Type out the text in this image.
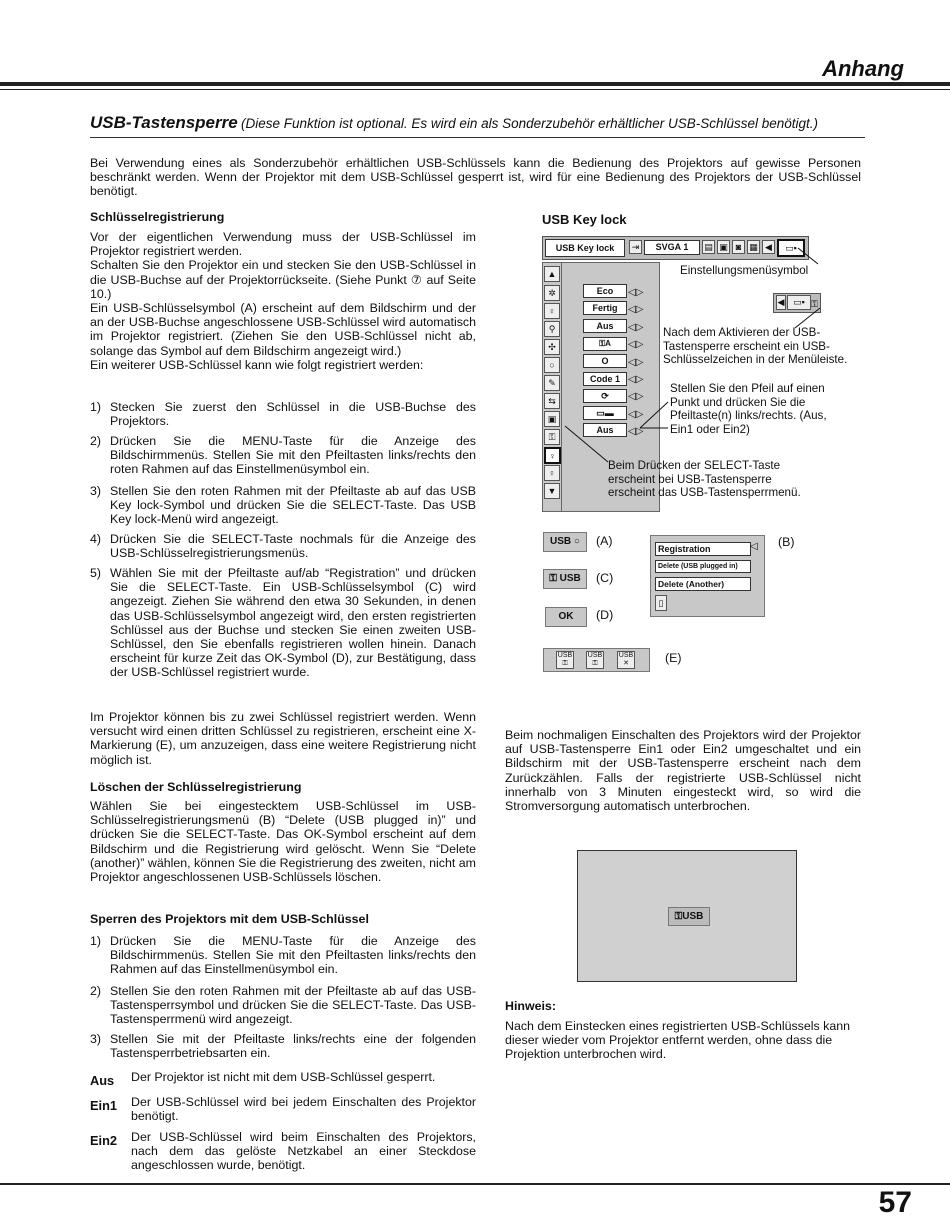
Anhang
USB-Tastensperre (Diese Funktion ist optional. Es wird ein als Sonderzubehör erhältlicher USB-Schlüssel benötigt.)
Bei Verwendung eines als Sonderzubehör erhältlichen USB-Schlüssels kann die Bedienung des Projektors auf gewisse Personen beschränkt werden. Wenn der Projektor mit dem USB-Schlüssel gesperrt ist, wird für eine Bedienung des Projektors der USB-Schlüssel benötigt.
Schlüsselregistrierung
Vor der eigentlichen Verwendung muss der USB-Schlüssel im Projektor registriert werden.
Schalten Sie den Projektor ein und stecken Sie den USB-Schlüssel in die USB-Buchse auf der Projektorrückseite. (Siehe Punkt ⑦ auf Seite 10.)
Ein USB-Schlüsselsymbol (A) erscheint auf dem Bildschirm und der an der USB-Buchse angeschlossene USB-Schlüssel wird automatisch im Projektor registriert. (Ziehen Sie den USB-Schlüssel nicht ab, solange das Symbol auf dem Bildschirm angezeigt wird.)
Ein weiterer USB-Schlüssel kann wie folgt registriert werden:
1) Stecken Sie zuerst den Schlüssel in die USB-Buchse des Projektors.
2) Drücken Sie die MENU-Taste für die Anzeige des Bildschirmmenüs. Stellen Sie mit den Pfeiltasten links/rechts den roten Rahmen auf das Einstellmenüsymbol ein.
3) Stellen Sie den roten Rahmen mit der Pfeiltaste ab auf das USB Key lock-Symbol und drücken Sie die SELECT-Taste. Das USB Key lock-Menü wird angezeigt.
4) Drücken Sie die SELECT-Taste nochmals für die Anzeige des USB-Schlüsselregistrierungsmenüs.
5) Wählen Sie mit der Pfeiltaste auf/ab “Registration” und drücken Sie die SELECT-Taste. Ein USB-Schlüsselsymbol (C) wird angezeigt. Ziehen Sie während den etwa 30 Sekunden, in denen das USB-Schlüsselsymbol angezeigt wird, den ersten registrierten Schlüssel aus der Buchse und stecken Sie einen zweiten USB-Schlüssel, den Sie ebenfalls registrieren wollen hinein. Danach erscheint für kurze Zeit das OK-Symbol (D), zur Bestätigung, dass der USB-Schlüssel registriert wurde.
Im Projektor können bis zu zwei Schlüssel registriert werden. Wenn versucht wird einen dritten Schlüssel zu registrieren, erscheint eine X-Markierung (E), um anzuzeigen, dass eine weitere Registrierung nicht möglich ist.
Löschen der Schlüsselregistrierung
Wählen Sie bei eingestecktem USB-Schlüssel im USB-Schlüsselregistrierungsmenü (B) “Delete (USB plugged in)” und drücken Sie die SELECT-Taste. Das OK-Symbol erscheint auf dem Bildschirm und die Registrierung wird gelöscht. Wenn Sie “Delete (another)” wählen, können Sie die Registrierung des zweiten, nicht am Projektor angeschlossenen USB-Schlüssels löschen.
Sperren des Projektors mit dem USB-Schlüssel
1) Drücken Sie die MENU-Taste für die Anzeige des Bildschirmmenüs. Stellen Sie mit den Pfeiltasten links/rechts den Rahmen auf das Einstellmenüsymbol ein.
2) Stellen Sie den roten Rahmen mit der Pfeiltaste ab auf das USB-Tastensperrsymbol und drücken Sie die SELECT-Taste. Das USB-Tastensperrmenü wird angezeigt.
3) Stellen Sie mit der Pfeiltaste links/rechts eine der folgenden Tastensperrbetriebsarten ein.
Aus Der Projektor ist nicht mit dem USB-Schlüssel gesperrt.
Ein1 Der USB-Schlüssel wird bei jedem Einschalten des Projektor benötigt.
Ein2 Der USB-Schlüssel wird beim Einschalten des Projektors, nach dem das gelöste Netzkabel an einer Steckdose angeschlossen wurde, benötigt.
USB Key lock
USB Key lock	⇥	SVGA 1	▤ ▣ ◙ ▦ ◀	▭▪
▲
✲
♀
⚲
✣
○
✎
⇆
▣
⚿
♀
♀
▼
Eco
Fertig
Aus
⚿A
O
Code 1
⟳
▭▬
Aus
◁▷
◁▷
◁▷
◁▷
◁▷
◁▷
◁▷
◁▷
◁▷
Einstellungsmenüsymbol
◀ ▭▪ ⚿
Nach dem Aktivieren der USB-Tastensperre erscheint ein USB-Schlüsselzeichen in der Menüleiste.
Stellen Sie den Pfeil auf einen Punkt und drücken Sie die Pfeiltaste(n) links/rechts. (Aus, Ein1 oder Ein2)
Beim Drücken der SELECT-Taste erscheint bei USB-Tastensperre erscheint das USB-Tastensperrmenü.
USB ○	(A)
⚿ USB	(C)
OK	(D)
Registration	◁
Delete (USB plugged in)
Delete (Another)
▯
(B)
USB
⚿
USB
⚿
USB
✕	(E)
Beim nochmaligen Einschalten des Projektors wird der Projektor auf USB-Tastensperre Ein1 oder Ein2 umgeschaltet und ein Bildschirm mit der USB-Tastensperre erscheint nach dem Zurückzählen. Falls der registrierte USB-Schlüssel nicht innerhalb von 3 Minuten eingesteckt wird, so wird die Stromversorgung automatisch unterbrochen.
⚿USB
Hinweis:
Nach dem Einstecken eines registrierten USB-Schlüssels kann dieser wieder vom Projektor entfernt werden, ohne dass die Projektion unterbrochen wird.
57
